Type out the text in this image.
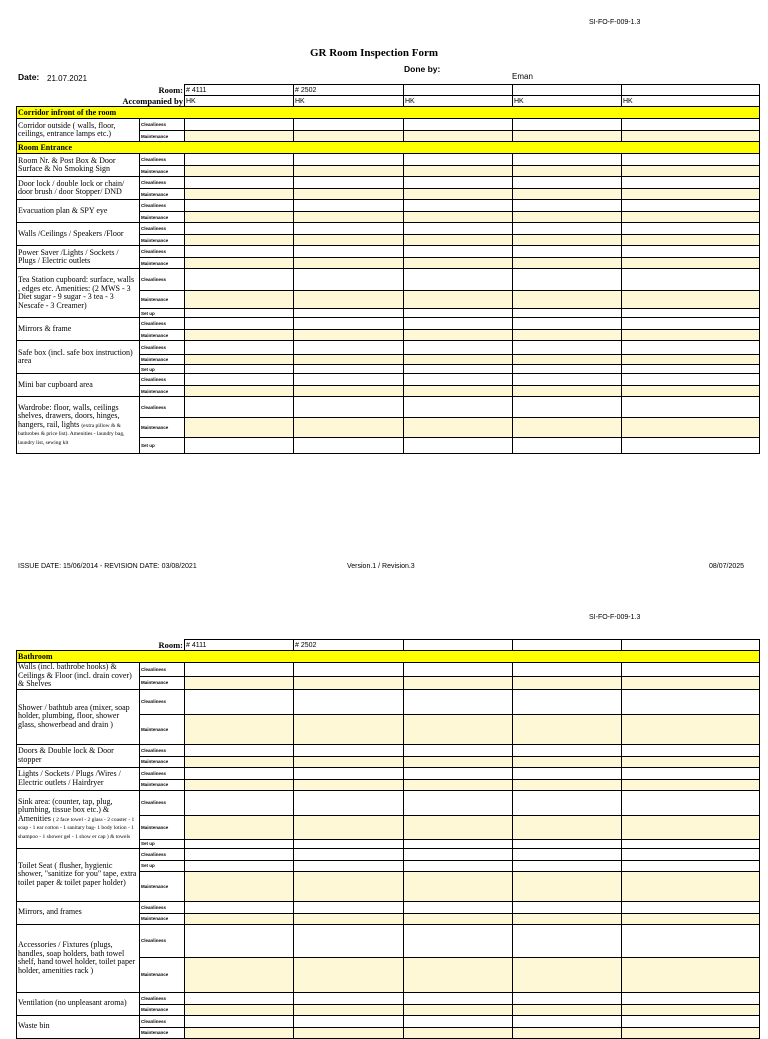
SI-FO-F-009-1.3
GR Room Inspection Form
Done by:
Eman
Date: 21.07.2021
Room:		# 4111	# 2502			
Accompanied by		HK	HK	HK	HK	HK
Corridor infront of the room						
Corridor outside ( walls, floor, ceilings, entrance lamps etc.)	Cleanliness					
	Maintenance					
Room Entrance						
Room Nr. & Post Box & Door Surface & No Smoking Sign	Cleanliness					
	Maintenance					
Door lock / double lock or chain/ door brush / door Stopper/ DND	Cleanliness					
	Maintenance					
Evacuation plan & SPY eye	Cleanliness					
	Maintenance					
Walls /Ceilings / Speakers /Floor	Cleanliness					
	Maintenance					
Power Saver /Lights / Sockets / Plugs / Electric outlets	Cleanliness					
	Maintenance					
Tea Station cupboard: surface, walls , edges etc. Amenities: (2 MWS - 3 Diet sugar - 9 sugar - 3 tea - 3 Nescafe - 3 Creamer)	Cleanliness					
	Maintenance					
	Set up					
Mirrors & frame	Cleanliness					
	Maintenance					
Safe box (incl. safe box instruction) area	Cleanliness					
	Maintenance					
	Set up					
Mini bar cupboard area	Cleanliness					
	Maintenance					
Wardrobe: floor, walls, ceilings shelves, drawers, doors, hinges, hangers, rail, lights (extra pillow & & bathrobes & price list). Amenities - laundry bag, laundry list, sewing kit	Cleanliness					
	Maintenance					
	Set up					
ISSUE DATE: 15/06/2014 - REVISION DATE: 03/08/2021	Version.1 / Revision.3	08/07/2025
SI-FO-F-009-1.3
Room:		# 4111	# 2502			
Bathroom						
Walls (incl. bathrobe hooks) & Ceilings & Floor (incl. drain cover) & Shelves	Cleanliness					
	Maintenance					
Shower / bathtub area (mixer, soap holder, plumbing, floor, shower glass, showerbead and drain )	Cleanliness					
	Maintenance					
Doors & Double lock & Door stopper	Cleanliness					
	Maintenance					
Lights / Sockets / Plugs /Wires / Electric outlets / Hairdryer	Cleanliness					
	Maintenance					
Sink area: (counter, tap, plug, plumbing, tissue box etc.) & Amenities ( 2 face towel - 2 glass - 2 coaster - 1 soap - 1 ear cotton - 1 sanitary bag- 1 body lotion - 1 shampoo - 1 shower gel - 1 show er cap ) & towels	Cleanliness					
	Maintenance					
	Set up					
Toilet Seat ( flusher, hygienic shower, "sanitize for you" tape, extra toilet paper & toilet paper holder)	Cleanliness					
	Set up					
	Maintenance					
Mirrors, and frames	Cleanliness					
	Maintenance					
Accessories / Fixtures (plugs, handles, soap holders, bath towel shelf, hand towel holder, toilet paper holder, amenities rack )	Cleanliness					
	Maintenance					
Ventilation (no unpleasant aroma)	Cleanliness					
	Maintenance					
Waste bin	Cleanliness					
	Maintenance					
